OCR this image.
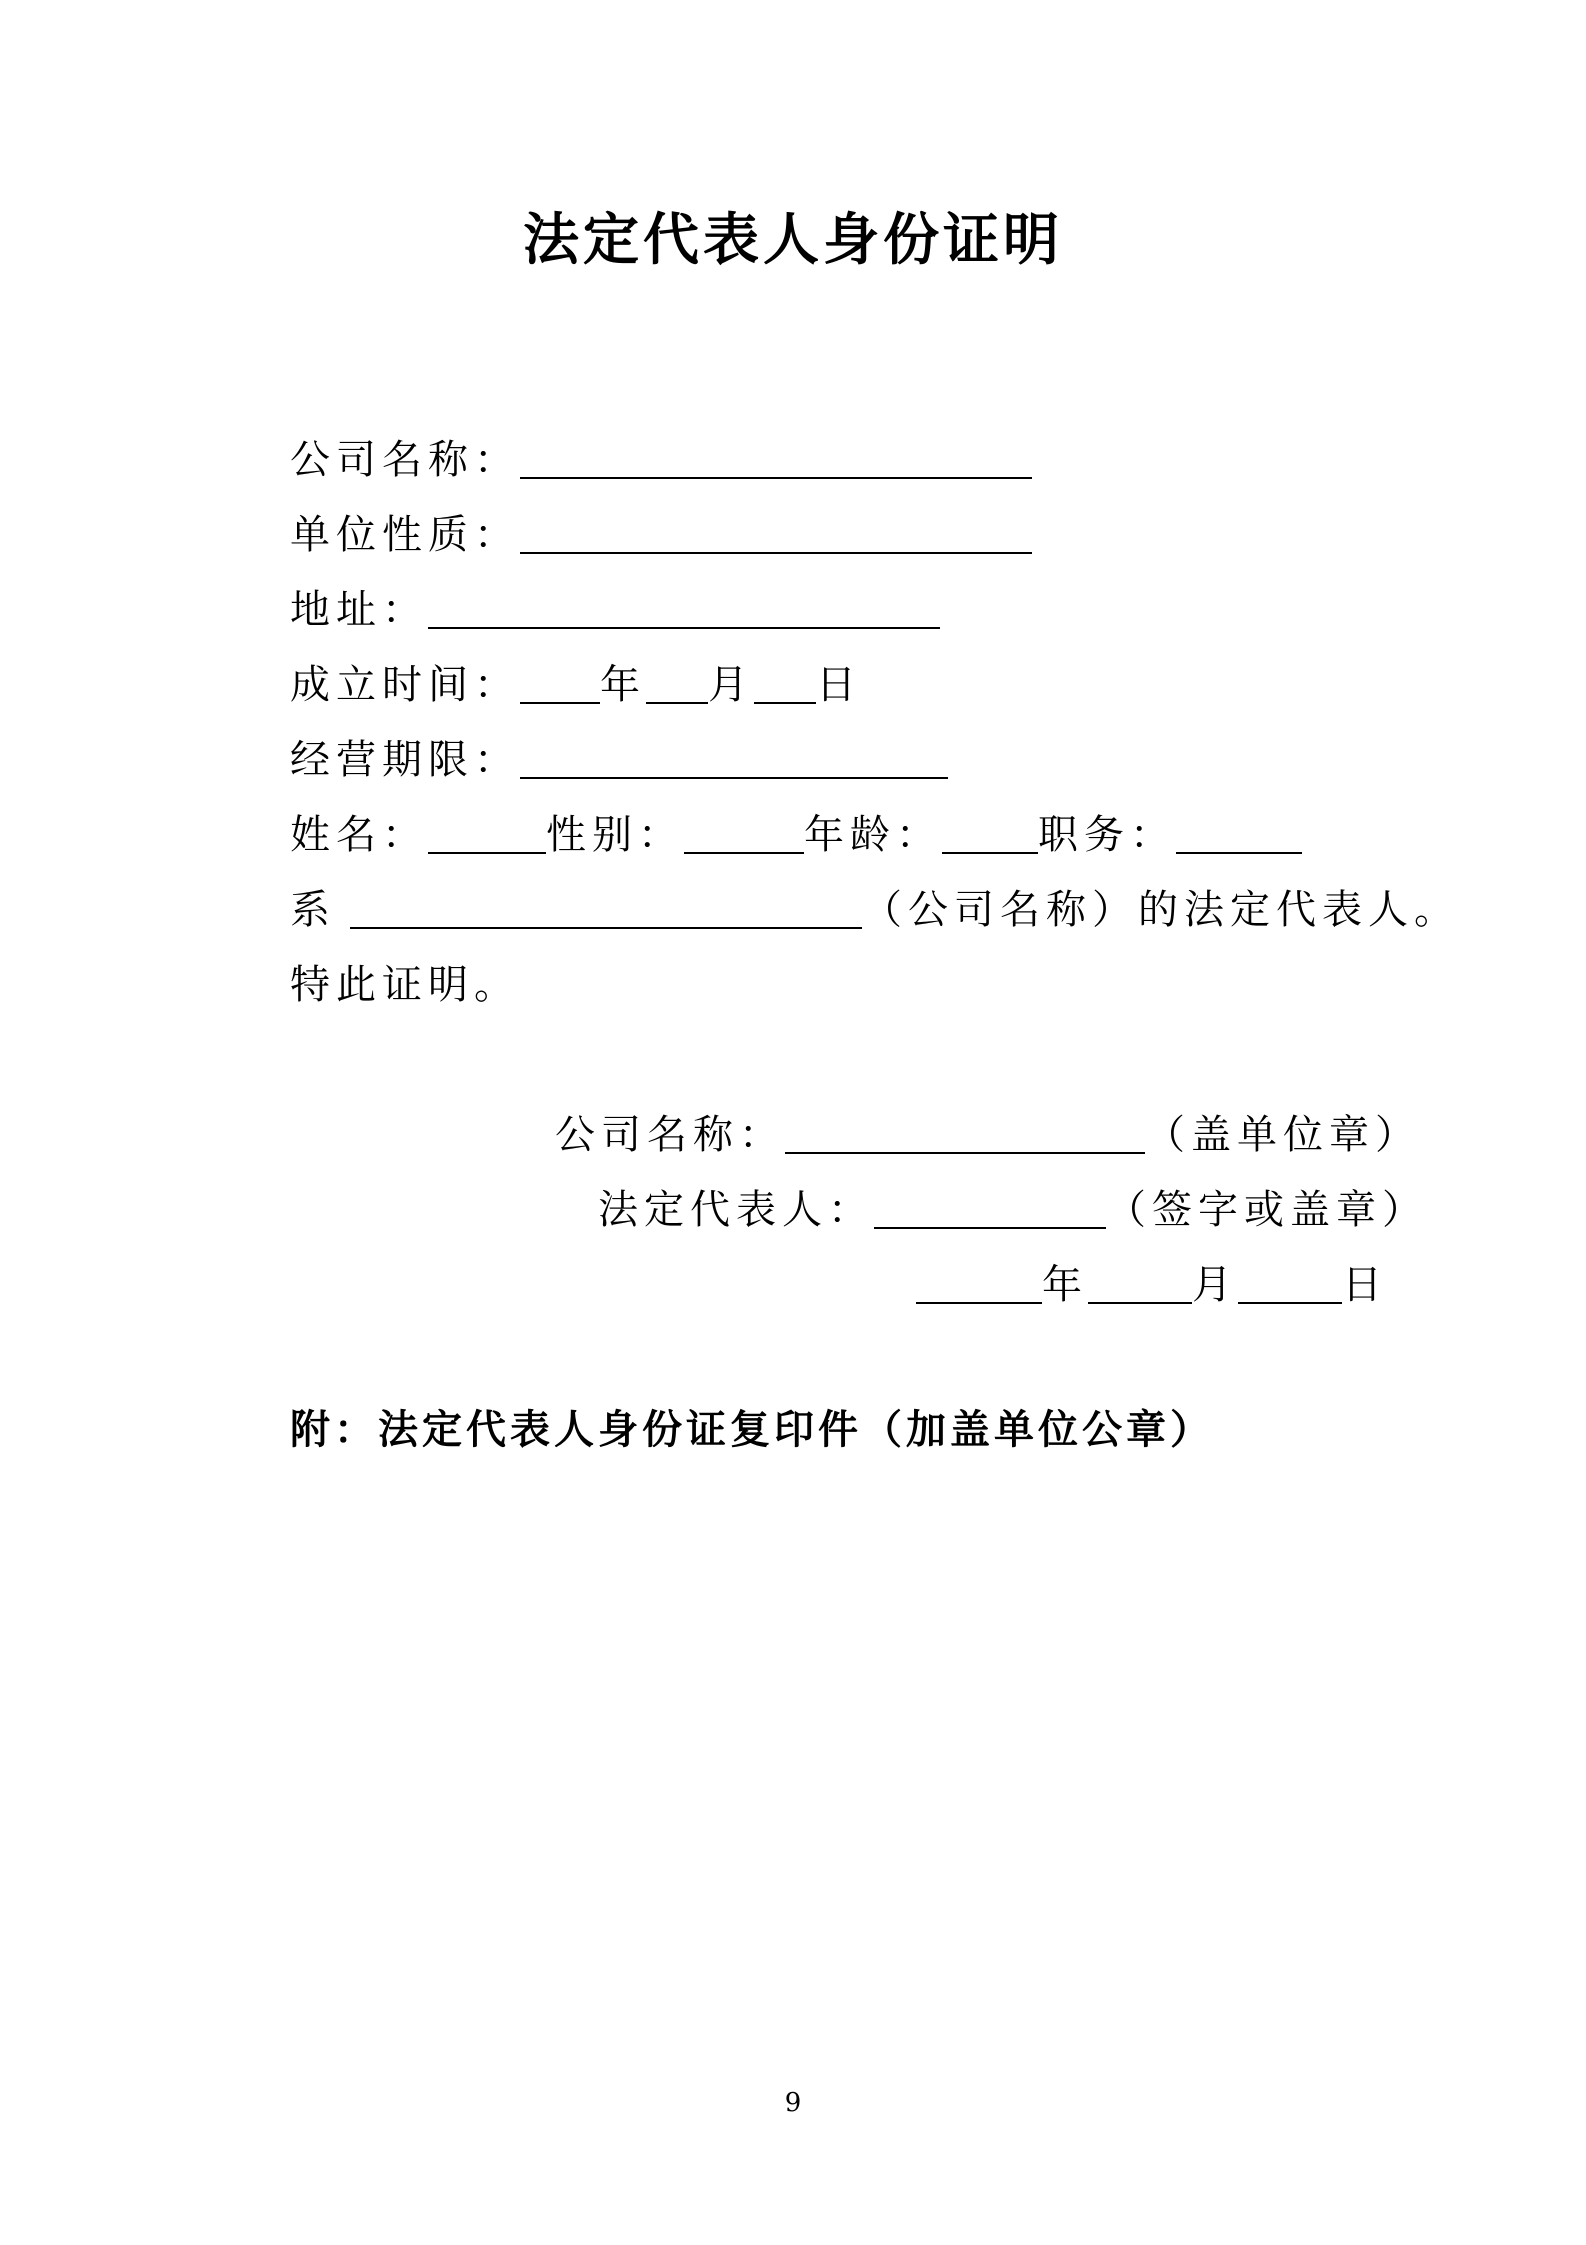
法定代表人身份证明
公司名称：
单位性质：
地址：
成立时间： 年 月 日
经营期限：
姓名：	性别：	年龄： 职务：
系	（公司名称）的法定代表人。
特此证明。
公司名称：	（盖单位章）
法定代表人：	（签字或盖章）
年	月	日
附：法定代表人身份证复印件（加盖单位公章）
9
